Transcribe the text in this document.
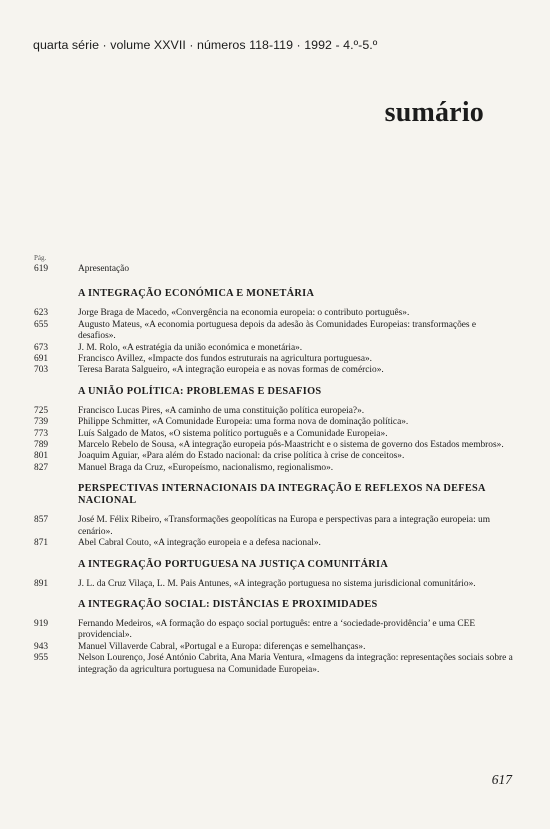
quarta série · volume XXVII · números 118-119 · 1992 - 4.º-5.º
sumário
Pág.
619	Apresentação
A INTEGRAÇÃO ECONÓMICA E MONETÁRIA
623	Jorge Braga de Macedo, «Convergência na economia europeia: o contributo português».
655	Augusto Mateus, «A economia portuguesa depois da adesão às Comunidades Europeias: transformações e desafios».
673	J. M. Rolo, «A estratégia da união económica e monetária».
691	Francisco Avillez, «Impacte dos fundos estruturais na agricultura portuguesa».
703	Teresa Barata Salgueiro, «A integração europeia e as novas formas de comércio».
A UNIÃO POLÍTICA: PROBLEMAS E DESAFIOS
725	Francisco Lucas Pires, «A caminho de uma constituição política europeia?».
739	Philippe Schmitter, «A Comunidade Europeia: uma forma nova de dominação política».
773	Luís Salgado de Matos, «O sistema político português e a Comunidade Europeia».
789	Marcelo Rebelo de Sousa, «A integração europeia pós-Maastricht e o sistema de governo dos Estados membros».
801	Joaquim Aguiar, «Para além do Estado nacional: da crise política à crise de conceitos».
827	Manuel Braga da Cruz, «Europeísmo, nacionalismo, regionalismo».
PERSPECTIVAS INTERNACIONAIS DA INTEGRAÇÃO E REFLEXOS NA DEFESA NACIONAL
857	José M. Félix Ribeiro, «Transformações geopolíticas na Europa e perspectivas para a integração europeia: um cenário».
871	Abel Cabral Couto, «A integração europeia e a defesa nacional».
A INTEGRAÇÃO PORTUGUESA NA JUSTIÇA COMUNITÁRIA
891	J. L. da Cruz Vilaça, L. M. Pais Antunes, «A integração portuguesa no sistema jurisdicional comunitário».
A INTEGRAÇÃO SOCIAL: DISTÂNCIAS E PROXIMIDADES
919	Fernando Medeiros, «A formação do espaço social português: entre a ‘sociedade-providência’ e uma CEE providencial».
943	Manuel Villaverde Cabral, «Portugal e a Europa: diferenças e semelhanças».
955	Nelson Lourenço, José António Cabrita, Ana Maria Ventura, «Imagens da integração: representações sociais sobre a integração da agricultura portuguesa na Comunidade Europeia».
617
